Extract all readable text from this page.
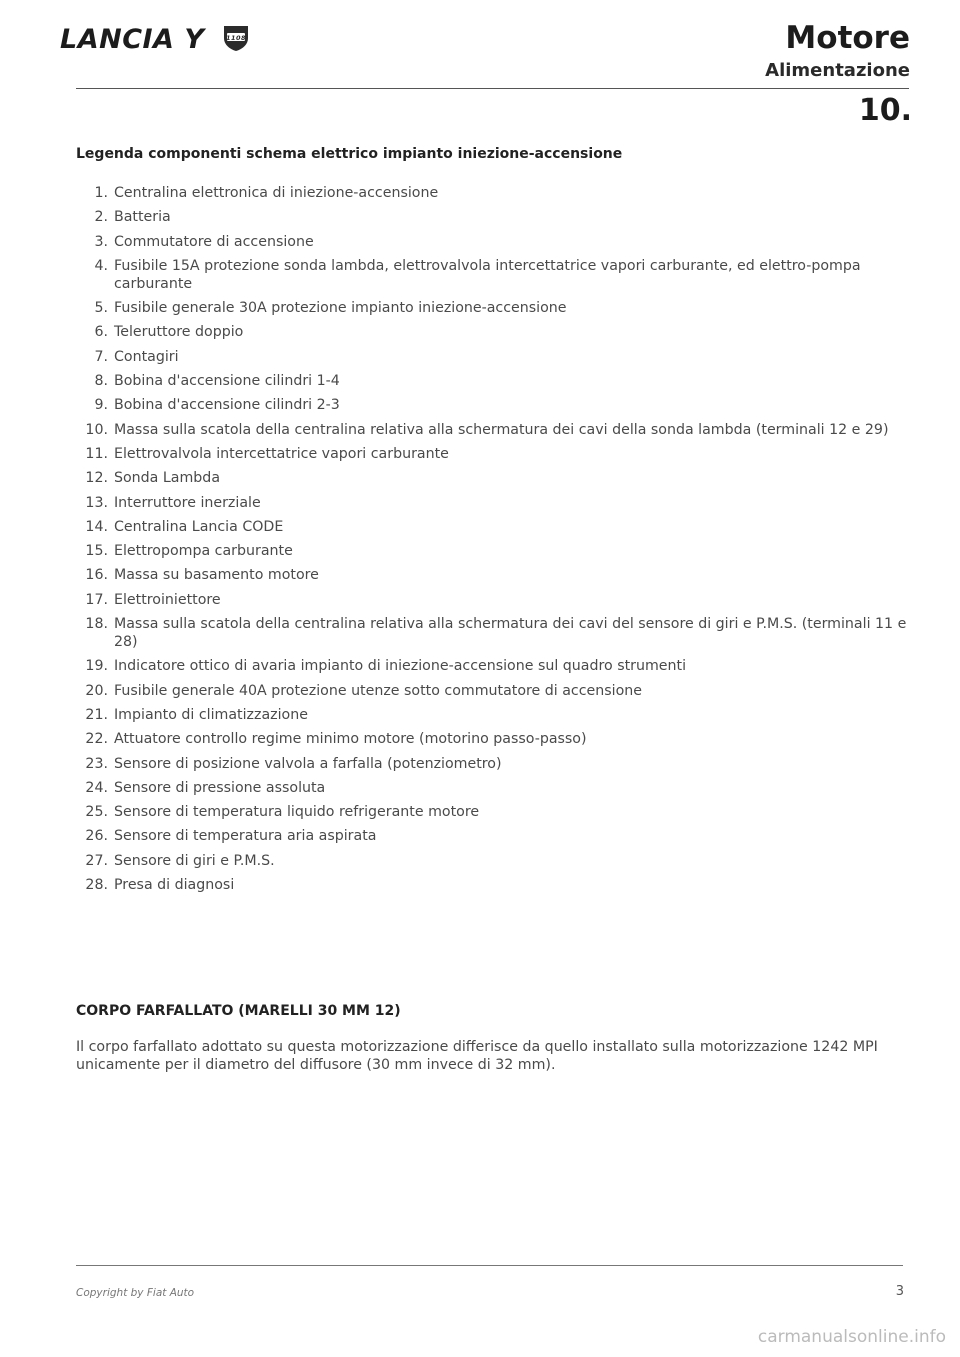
LANCIA Y	1108	Motore
Alimentazione
10.
Legenda componenti schema elettrico impianto iniezione-accensione
1. Centralina elettronica di iniezione-accensione
2. Batteria
3. Commutatore di accensione
4. Fusibile 15A protezione sonda lambda, elettrovalvola intercettatrice vapori carburante, ed elettro-pompa carburante
5. Fusibile generale 30A protezione impianto iniezione-accensione
6. Teleruttore doppio
7. Contagiri
8. Bobina d'accensione cilindri 1-4
9. Bobina d'accensione cilindri 2-3
10. Massa sulla scatola della centralina relativa alla schermatura dei cavi della sonda lambda (terminali 12 e 29)
11. Elettrovalvola intercettatrice vapori carburante
12. Sonda Lambda
13. Interruttore inerziale
14. Centralina Lancia CODE
15. Elettropompa carburante
16. Massa su basamento motore
17. Elettroiniettore
18. Massa sulla scatola della centralina relativa alla schermatura dei cavi del sensore di giri e P.M.S. (terminali 11 e 28)
19. Indicatore ottico di avaria impianto di iniezione-accensione sul quadro strumenti
20. Fusibile generale 40A protezione utenze sotto commutatore di accensione
21. Impianto di climatizzazione
22. Attuatore controllo regime minimo motore (motorino passo-passo)
23. Sensore di posizione valvola a farfalla (potenziometro)
24. Sensore di pressione assoluta
25. Sensore di temperatura liquido refrigerante motore
26. Sensore di temperatura aria aspirata
27. Sensore di giri e P.M.S.
28. Presa di diagnosi
CORPO FARFALLATO (MARELLI 30 MM 12)
Il corpo farfallato adottato su questa motorizzazione differisce da quello installato sulla motorizzazione 1242 MPI unicamente per il diametro del diffusore (30 mm invece di 32 mm).
Copyright by Fiat Auto	3
carmanualsonline.info
